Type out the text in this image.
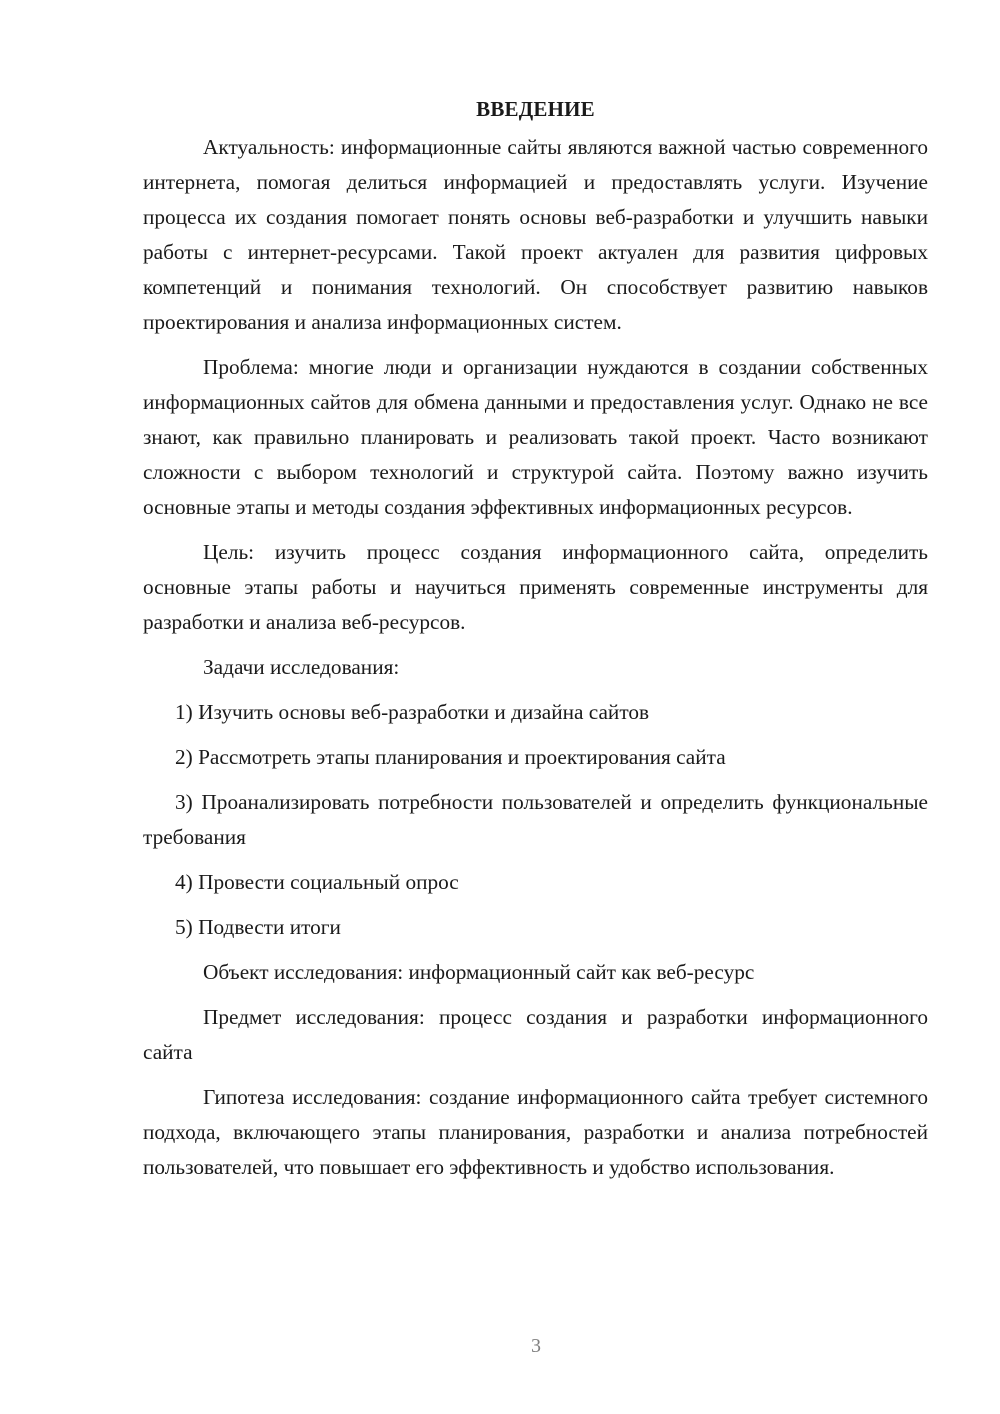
ВВЕДЕНИЕ

Актуальность: информационные сайты являются важной частью современного интернета, помогая делиться информацией и предоставлять услуги. Изучение процесса их создания помогает понять основы веб-разработки и улучшить навыки работы с интернет-ресурсами. Такой проект актуален для развития цифровых компетенций и понимания технологий. Он способствует развитию навыков проектирования и анализа информационных систем.

Проблема: многие люди и организации нуждаются в создании собственных информационных сайтов для обмена данными и предоставления услуг. Однако не все знают, как правильно планировать и реализовать такой проект. Часто возникают сложности с выбором технологий и структурой сайта. Поэтому важно изучить основные этапы и методы создания эффективных информационных ресурсов.

Цель: изучить процесс создания информационного сайта, определить основные этапы работы и научиться применять современные инструменты для разработки и анализа веб-ресурсов.

Задачи исследования:

1) Изучить основы веб-разработки и дизайна сайтов

2) Рассмотреть этапы планирования и проектирования сайта

3) Проанализировать потребности пользователей и определить функциональные требования

4) Провести социальный опрос

5) Подвести итоги

Объект исследования: информационный сайт как веб-ресурс

Предмет исследования: процесс создания и разработки информационного сайта

Гипотеза исследования: создание информационного сайта требует системного подхода, включающего этапы планирования, разработки и анализа потребностей пользователей, что повышает его эффективность и удобство использования.

3
